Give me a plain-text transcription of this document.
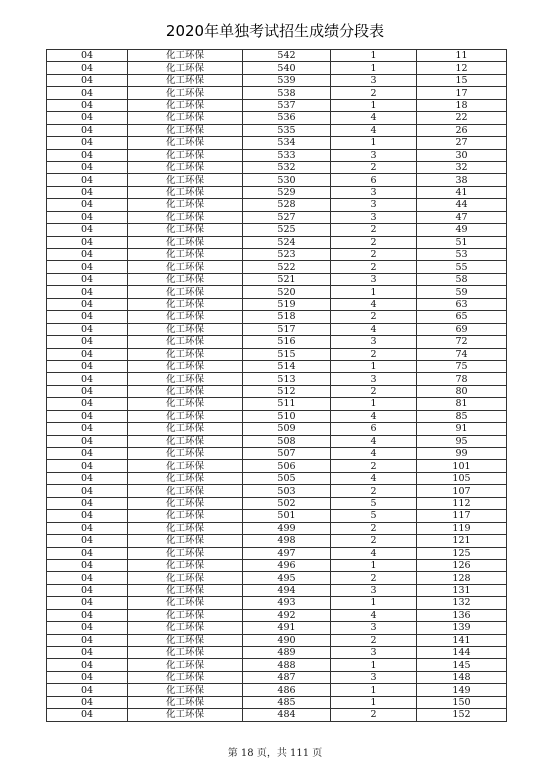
2020年单独考试招生成绩分段表
04	化工环保	542	1	11
04	化工环保	540	1	12
04	化工环保	539	3	15
04	化工环保	538	2	17
04	化工环保	537	1	18
04	化工环保	536	4	22
04	化工环保	535	4	26
04	化工环保	534	1	27
04	化工环保	533	3	30
04	化工环保	532	2	32
04	化工环保	530	6	38
04	化工环保	529	3	41
04	化工环保	528	3	44
04	化工环保	527	3	47
04	化工环保	525	2	49
04	化工环保	524	2	51
04	化工环保	523	2	53
04	化工环保	522	2	55
04	化工环保	521	3	58
04	化工环保	520	1	59
04	化工环保	519	4	63
04	化工环保	518	2	65
04	化工环保	517	4	69
04	化工环保	516	3	72
04	化工环保	515	2	74
04	化工环保	514	1	75
04	化工环保	513	3	78
04	化工环保	512	2	80
04	化工环保	511	1	81
04	化工环保	510	4	85
04	化工环保	509	6	91
04	化工环保	508	4	95
04	化工环保	507	4	99
04	化工环保	506	2	101
04	化工环保	505	4	105
04	化工环保	503	2	107
04	化工环保	502	5	112
04	化工环保	501	5	117
04	化工环保	499	2	119
04	化工环保	498	2	121
04	化工环保	497	4	125
04	化工环保	496	1	126
04	化工环保	495	2	128
04	化工环保	494	3	131
04	化工环保	493	1	132
04	化工环保	492	4	136
04	化工环保	491	3	139
04	化工环保	490	2	141
04	化工环保	489	3	144
04	化工环保	488	1	145
04	化工环保	487	3	148
04	化工环保	486	1	149
04	化工环保	485	1	150
04	化工环保	484	2	152
第 18 页，共 111 页
